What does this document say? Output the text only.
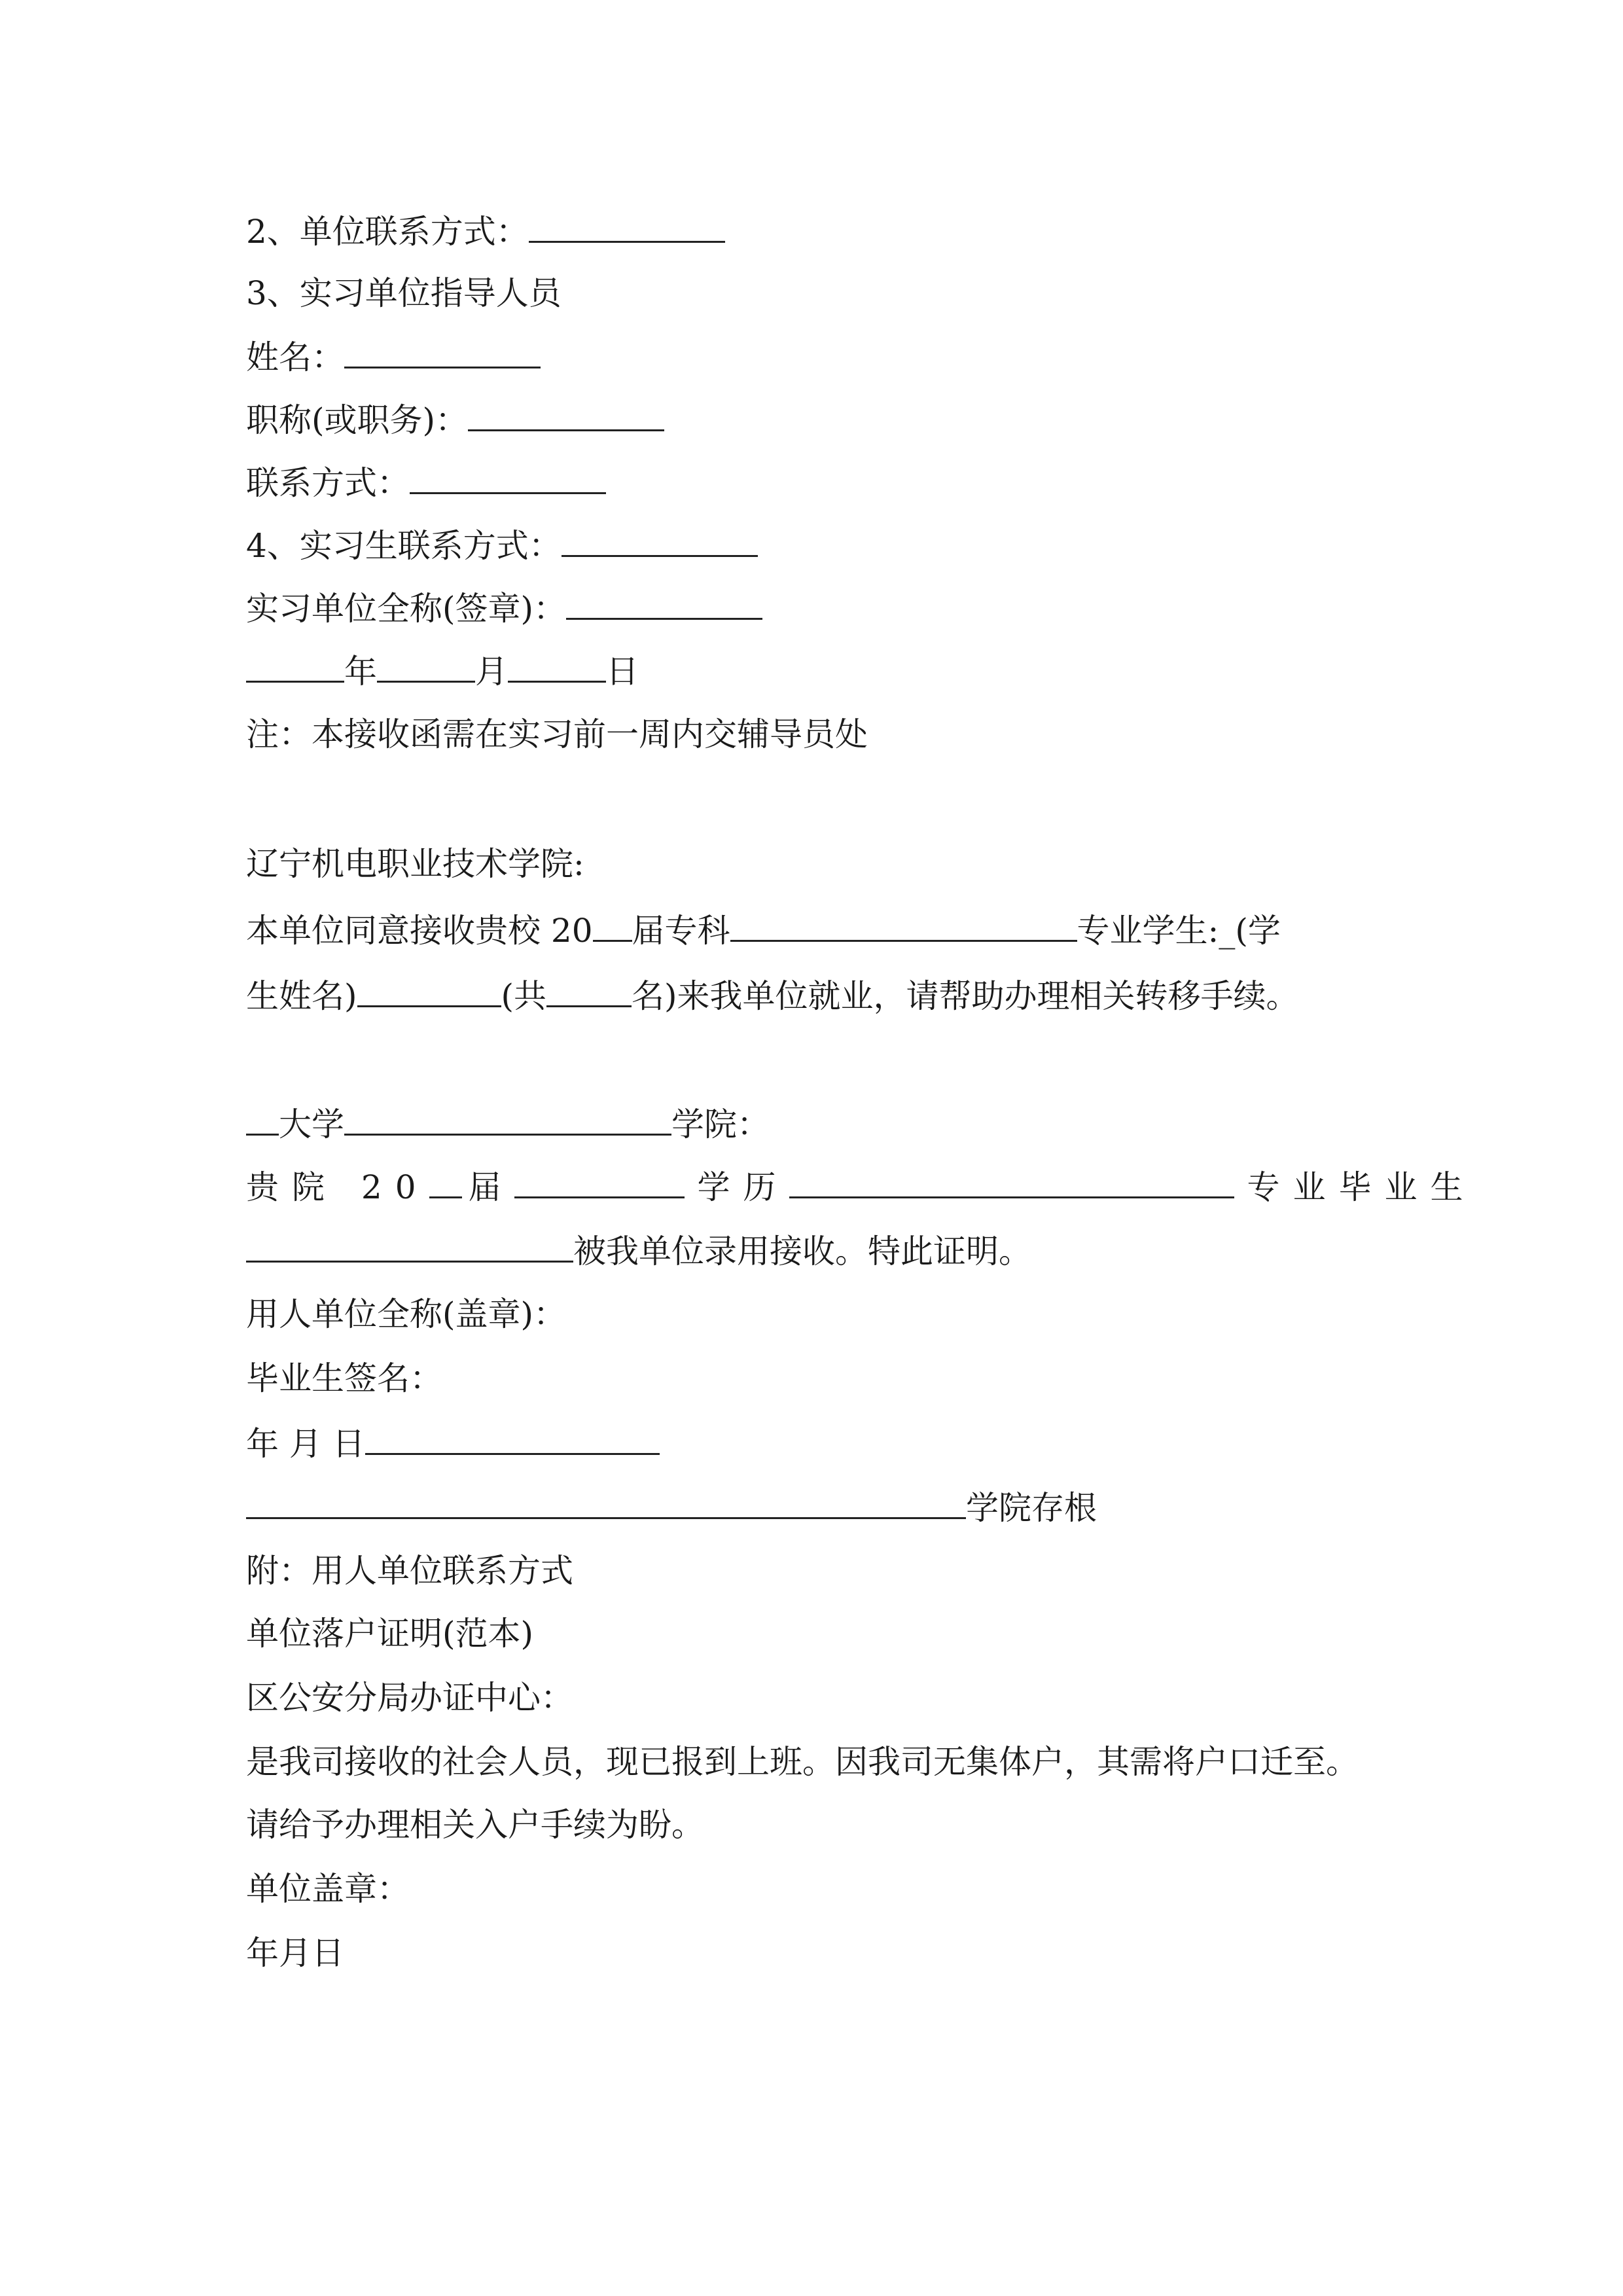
2、单位联系方式：
3、实习单位指导人员
姓名：
职称(或职务)：
联系方式：
4、实习生联系方式：
实习单位全称(签章)：
年	月	日
注：本接收函需在实习前一周内交辅导员处
辽宁机电职业技术学院:
本单位同意接收贵校 20 届专科	专业学生:_(学
生姓名)	(共	名)来我单位就业，请帮助办理相关转移手续。
大学	学院：
贵院 20 届	学历	专业毕业生
被我单位录用接收。特此证明。
用人单位全称(盖章)：
毕业生签名：
年 月 日
学院存根
附：用人单位联系方式
单位落户证明(范本)
区公安分局办证中心：
是我司接收的社会人员，现已报到上班。因我司无集体户，其需将户口迁至。
请给予办理相关入户手续为盼。
单位盖章：
年月日
